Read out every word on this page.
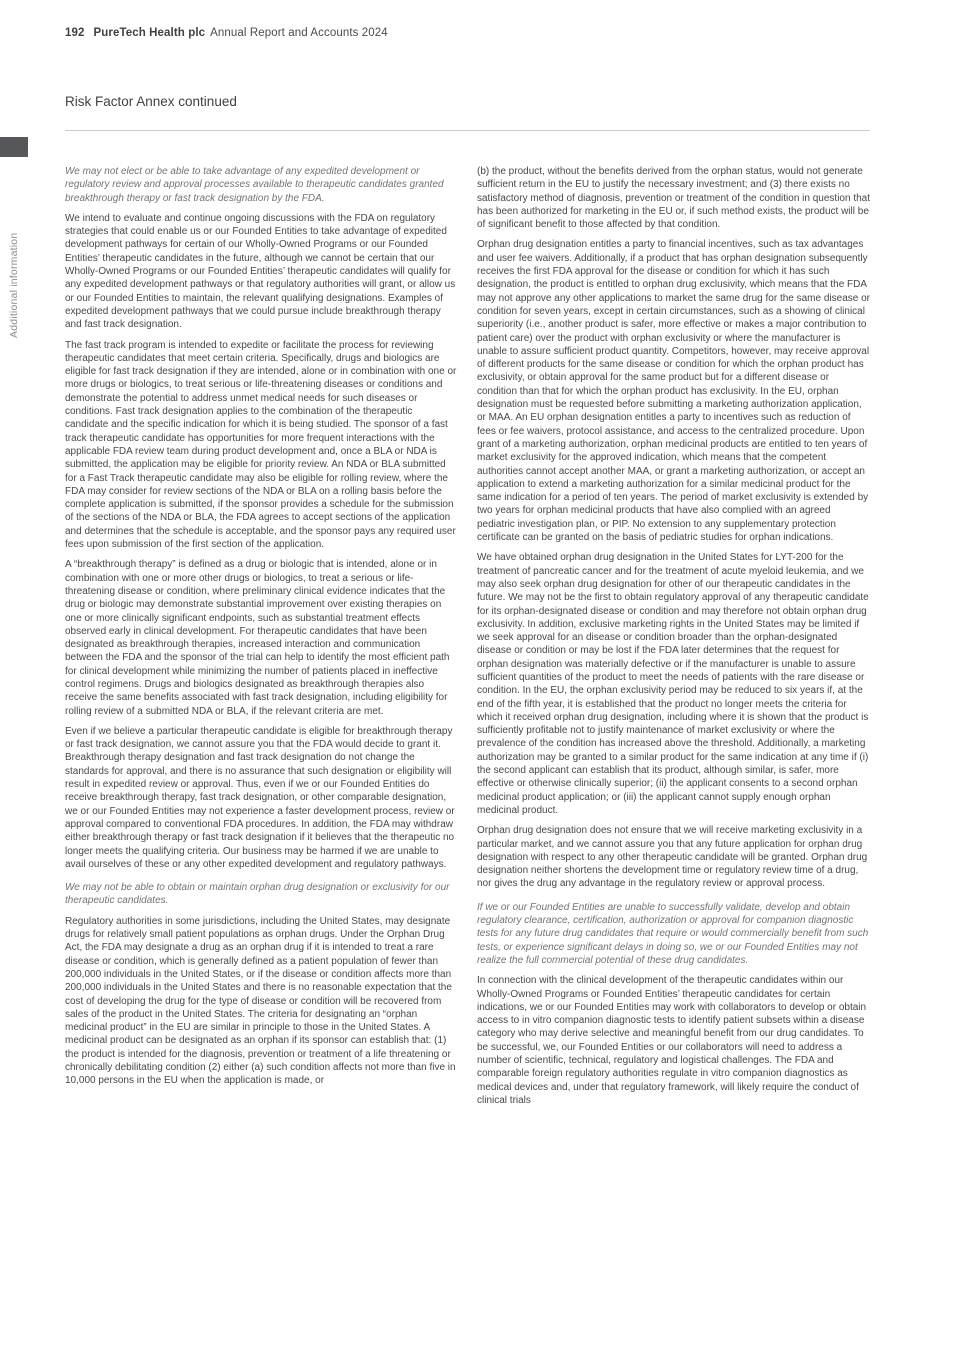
192 PureTech Health plc Annual Report and Accounts 2024
Risk Factor Annex continued
Additional information
We may not elect or be able to take advantage of any expedited development or regulatory review and approval processes available to therapeutic candidates granted breakthrough therapy or fast track designation by the FDA.
We intend to evaluate and continue ongoing discussions with the FDA on regulatory strategies that could enable us or our Founded Entities to take advantage of expedited development pathways for certain of our Wholly-Owned Programs or our Founded Entities’ therapeutic candidates in the future, although we cannot be certain that our Wholly-Owned Programs or our Founded Entities’ therapeutic candidates will qualify for any expedited development pathways or that regulatory authorities will grant, or allow us or our Founded Entities to maintain, the relevant qualifying designations. Examples of expedited development pathways that we could pursue include breakthrough therapy and fast track designation.
The fast track program is intended to expedite or facilitate the process for reviewing therapeutic candidates that meet certain criteria. Specifically, drugs and biologics are eligible for fast track designation if they are intended, alone or in combination with one or more drugs or biologics, to treat serious or life-threatening diseases or conditions and demonstrate the potential to address unmet medical needs for such diseases or conditions. Fast track designation applies to the combination of the therapeutic candidate and the specific indication for which it is being studied. The sponsor of a fast track therapeutic candidate has opportunities for more frequent interactions with the applicable FDA review team during product development and, once a BLA or NDA is submitted, the application may be eligible for priority review. An NDA or BLA submitted for a Fast Track therapeutic candidate may also be eligible for rolling review, where the FDA may consider for review sections of the NDA or BLA on a rolling basis before the complete application is submitted, if the sponsor provides a schedule for the submission of the sections of the NDA or BLA, the FDA agrees to accept sections of the application and determines that the schedule is acceptable, and the sponsor pays any required user fees upon submission of the first section of the application.
A “breakthrough therapy” is defined as a drug or biologic that is intended, alone or in combination with one or more other drugs or biologics, to treat a serious or life-threatening disease or condition, where preliminary clinical evidence indicates that the drug or biologic may demonstrate substantial improvement over existing therapies on one or more clinically significant endpoints, such as substantial treatment effects observed early in clinical development. For therapeutic candidates that have been designated as breakthrough therapies, increased interaction and communication between the FDA and the sponsor of the trial can help to identify the most efficient path for clinical development while minimizing the number of patients placed in ineffective control regimens. Drugs and biologics designated as breakthrough therapies also receive the same benefits associated with fast track designation, including eligibility for rolling review of a submitted NDA or BLA, if the relevant criteria are met.
Even if we believe a particular therapeutic candidate is eligible for breakthrough therapy or fast track designation, we cannot assure you that the FDA would decide to grant it. Breakthrough therapy designation and fast track designation do not change the standards for approval, and there is no assurance that such designation or eligibility will result in expedited review or approval. Thus, even if we or our Founded Entities do receive breakthrough therapy, fast track designation, or other comparable designation, we or our Founded Entities may not experience a faster development process, review or approval compared to conventional FDA procedures. In addition, the FDA may withdraw either breakthrough therapy or fast track designation if it believes that the therapeutic no longer meets the qualifying criteria. Our business may be harmed if we are unable to avail ourselves of these or any other expedited development and regulatory pathways.
We may not be able to obtain or maintain orphan drug designation or exclusivity for our therapeutic candidates.
Regulatory authorities in some jurisdictions, including the United States, may designate drugs for relatively small patient populations as orphan drugs. Under the Orphan Drug Act, the FDA may designate a drug as an orphan drug if it is intended to treat a rare disease or condition, which is generally defined as a patient population of fewer than 200,000 individuals in the United States, or if the disease or condition affects more than 200,000 individuals in the United States and there is no reasonable expectation that the cost of developing the drug for the type of disease or condition will be recovered from sales of the product in the United States. The criteria for designating an “orphan medicinal product” in the EU are similar in principle to those in the United States. A medicinal product can be designated as an orphan if its sponsor can establish that: (1) the product is intended for the diagnosis, prevention or treatment of a life threatening or chronically debilitating condition (2) either (a) such condition affects not more than five in 10,000 persons in the EU when the application is made, or
(b) the product, without the benefits derived from the orphan status, would not generate sufficient return in the EU to justify the necessary investment; and (3) there exists no satisfactory method of diagnosis, prevention or treatment of the condition in question that has been authorized for marketing in the EU or, if such method exists, the product will be of significant benefit to those affected by that condition.
Orphan drug designation entitles a party to financial incentives, such as tax advantages and user fee waivers. Additionally, if a product that has orphan designation subsequently receives the first FDA approval for the disease or condition for which it has such designation, the product is entitled to orphan drug exclusivity, which means that the FDA may not approve any other applications to market the same drug for the same disease or condition for seven years, except in certain circumstances, such as a showing of clinical superiority (i.e., another product is safer, more effective or makes a major contribution to patient care) over the product with orphan exclusivity or where the manufacturer is unable to assure sufficient product quantity. Competitors, however, may receive approval of different products for the same disease or condition for which the orphan product has exclusivity, or obtain approval for the same product but for a different disease or condition than that for which the orphan product has exclusivity. In the EU, orphan designation must be requested before submitting a marketing authorization application, or MAA. An EU orphan designation entitles a party to incentives such as reduction of fees or fee waivers, protocol assistance, and access to the centralized procedure. Upon grant of a marketing authorization, orphan medicinal products are entitled to ten years of market exclusivity for the approved indication, which means that the competent authorities cannot accept another MAA, or grant a marketing authorization, or accept an application to extend a marketing authorization for a similar medicinal product for the same indication for a period of ten years. The period of market exclusivity is extended by two years for orphan medicinal products that have also complied with an agreed pediatric investigation plan, or PIP. No extension to any supplementary protection certificate can be granted on the basis of pediatric studies for orphan indications.
We have obtained orphan drug designation in the United States for LYT-200 for the treatment of pancreatic cancer and for the treatment of acute myeloid leukemia, and we may also seek orphan drug designation for other of our therapeutic candidates in the future. We may not be the first to obtain regulatory approval of any therapeutic candidate for its orphan-designated disease or condition and may therefore not obtain orphan drug exclusivity. In addition, exclusive marketing rights in the United States may be limited if we seek approval for an disease or condition broader than the orphan-designated disease or condition or may be lost if the FDA later determines that the request for orphan designation was materially defective or if the manufacturer is unable to assure sufficient quantities of the product to meet the needs of patients with the rare disease or condition. In the EU, the orphan exclusivity period may be reduced to six years if, at the end of the fifth year, it is established that the product no longer meets the criteria for which it received orphan drug designation, including where it is shown that the product is sufficiently profitable not to justify maintenance of market exclusivity or where the prevalence of the condition has increased above the threshold. Additionally, a marketing authorization may be granted to a similar product for the same indication at any time if (i) the second applicant can establish that its product, although similar, is safer, more effective or otherwise clinically superior; (ii) the applicant consents to a second orphan medicinal product application; or (iii) the applicant cannot supply enough orphan medicinal product.
Orphan drug designation does not ensure that we will receive marketing exclusivity in a particular market, and we cannot assure you that any future application for orphan drug designation with respect to any other therapeutic candidate will be granted. Orphan drug designation neither shortens the development time or regulatory review time of a drug, nor gives the drug any advantage in the regulatory review or approval process.
If we or our Founded Entities are unable to successfully validate, develop and obtain regulatory clearance, certification, authorization or approval for companion diagnostic tests for any future drug candidates that require or would commercially benefit from such tests, or experience significant delays in doing so, we or our Founded Entities may not realize the full commercial potential of these drug candidates.
In connection with the clinical development of the therapeutic candidates within our Wholly-Owned Programs or Founded Entities’ therapeutic candidates for certain indications, we or our Founded Entities may work with collaborators to develop or obtain access to in vitro companion diagnostic tests to identify patient subsets within a disease category who may derive selective and meaningful benefit from our drug candidates. To be successful, we, our Founded Entities or our collaborators will need to address a number of scientific, technical, regulatory and logistical challenges. The FDA and comparable foreign regulatory authorities regulate in vitro companion diagnostics as medical devices and, under that regulatory framework, will likely require the conduct of clinical trials
